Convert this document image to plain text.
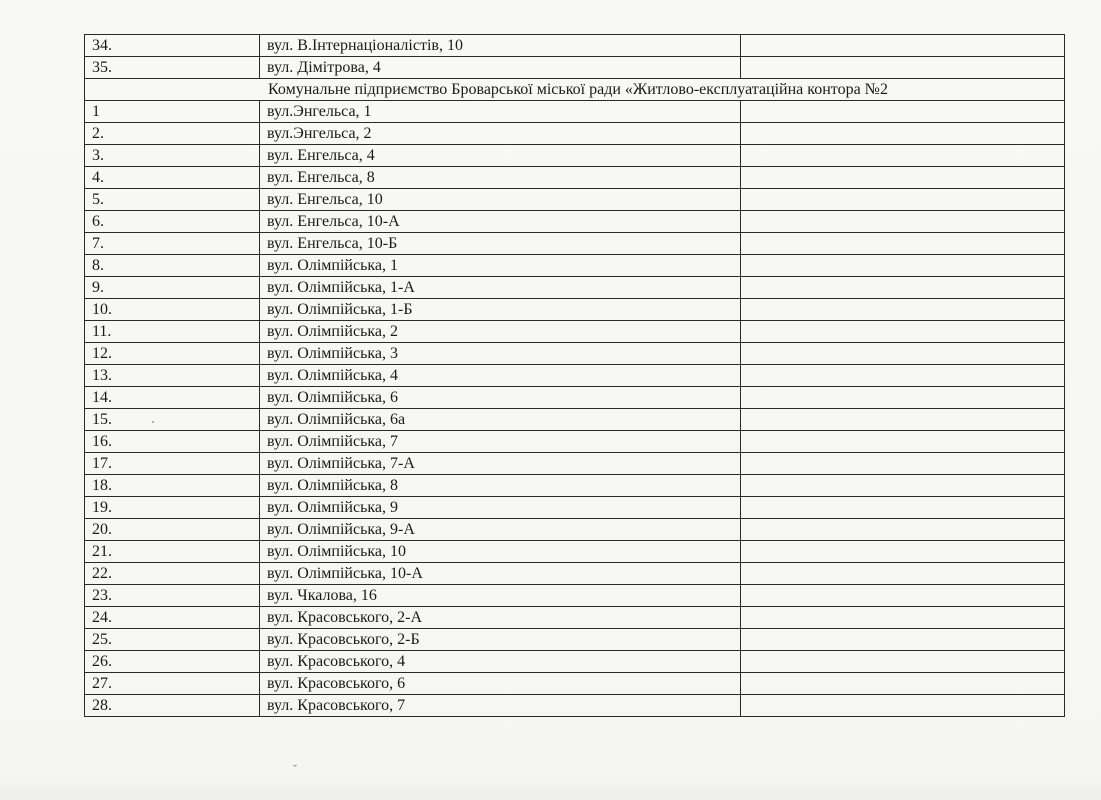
34.	вул. В.Інтернаціоналістів, 10	
35.	вул. Дімітрова, 4	
Комунальне підприємство Броварської міської ради «Житлово-експлуатаційна контора №2		
1	вул.Энгельса, 1	
2.	вул.Энгельса, 2	
3.	вул. Енгельса, 4	
4.	вул. Енгельса, 8	
5.	вул. Енгельса, 10	
6.	вул. Енгельса, 10-А	
7.	вул. Енгельса, 10-Б	
8.	вул. Олімпійська, 1	
9.	вул. Олімпійська, 1-А	
10.	вул. Олімпійська, 1-Б	
11.	вул. Олімпійська, 2	
12.	вул. Олімпійська, 3	
13.	вул. Олімпійська, 4	
14.	вул. Олімпійська, 6	
15.	вул. Олімпійська, 6а	
16.	вул. Олімпійська, 7	
17.	вул. Олімпійська, 7-А	
18.	вул. Олімпійська, 8	
19.	вул. Олімпійська, 9	
20.	вул. Олімпійська, 9-А	
21.	вул. Олімпійська, 10	
22.	вул. Олімпійська, 10-А	
23.	вул. Чкалова, 16	
24.	вул. Красовського, 2-А	
25.	вул. Красовського, 2-Б	
26.	вул. Красовського, 4	
27.	вул. Красовського, 6	
28.	вул. Красовського, 7	
ˇ
